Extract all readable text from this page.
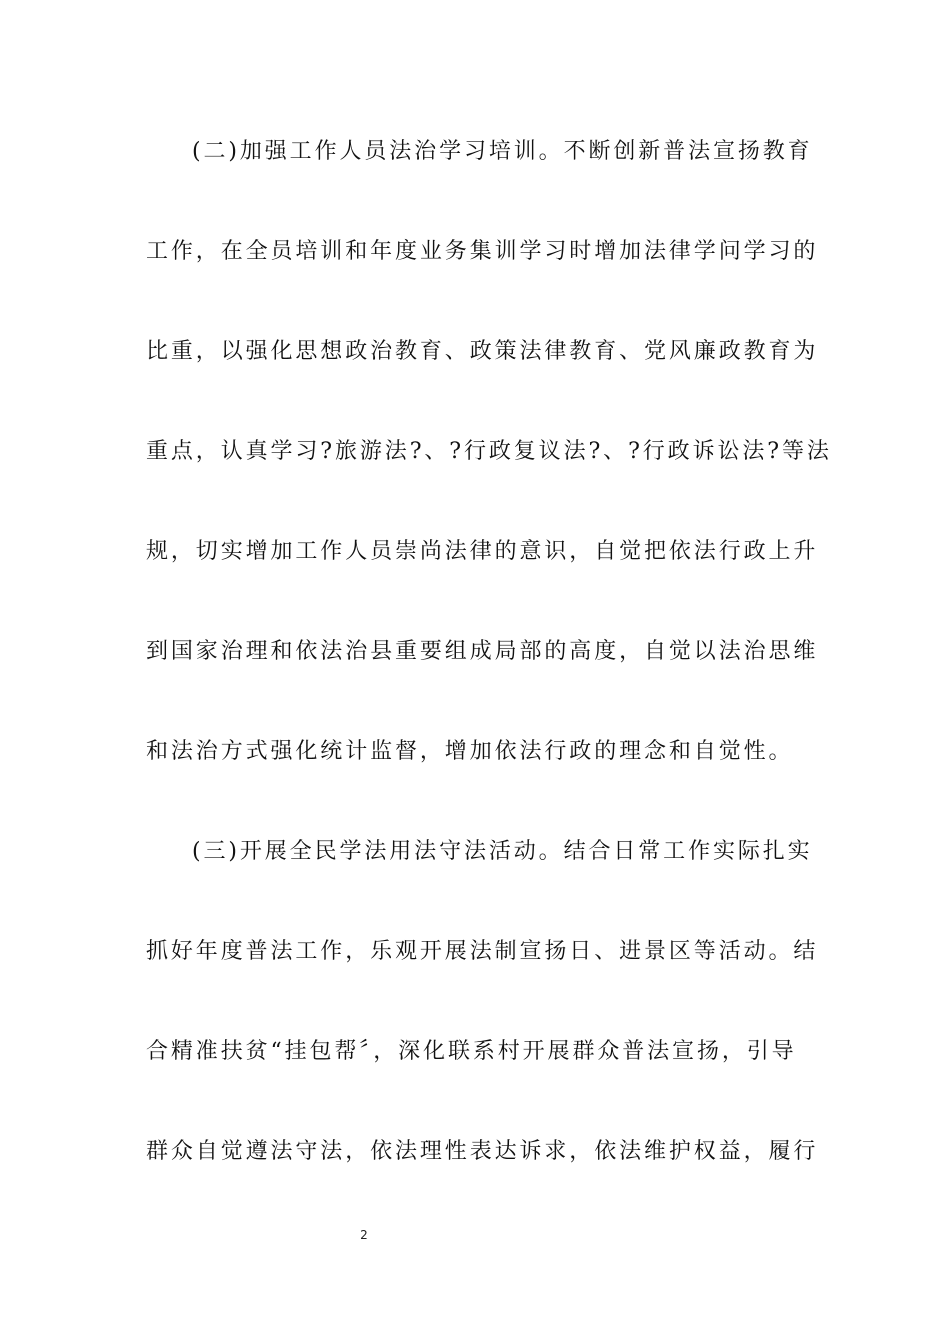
(二)加强工作人员法治学习培训。不断创新普法宣扬教育
工作，在全员培训和年度业务集训学习时增加法律学问学习的
比重，以强化思想政治教育、政策法律教育、党风廉政教育为
重点，认真学习?旅游法?、?行政复议法?、?行政诉讼法?等法
规，切实增加工作人员崇尚法律的意识，自觉把依法行政上升
到国家治理和依法治县重要组成局部的高度，自觉以法治思维
和法治方式强化统计监督，增加依法行政的理念和自觉性。
(三)开展全民学法用法守法活动。结合日常工作实际扎实
抓好年度普法工作，乐观开展法制宣扬日、进景区等活动。结
合精准扶贫“挂包帮〞，深化联系村开展群众普法宣扬，引导
群众自觉遵法守法，依法理性表达诉求，依法维护权益，履行
2
